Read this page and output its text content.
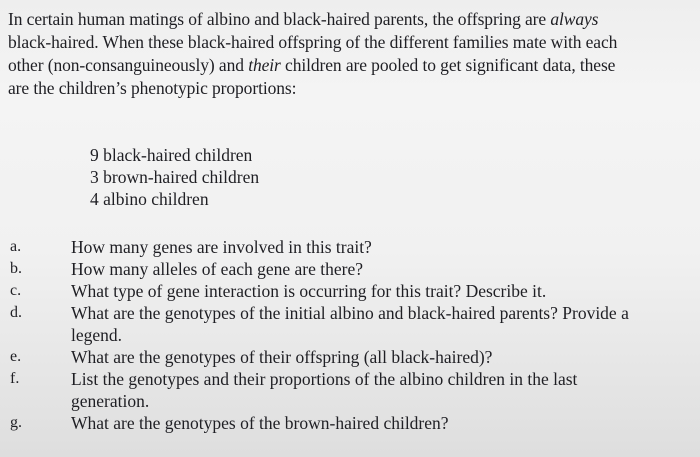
In certain human matings of albino and black-haired parents, the offspring are always
black-haired. When these black-haired offspring of the different families mate with each
other (non-consanguineously) and their children are pooled to get significant data, these
are the children’s phenotypic proportions:
9 black-haired children
3 brown-haired children
4 albino children
a.	How many genes are involved in this trait?
b.	How many alleles of each gene are there?
c.	What type of gene interaction is occurring for this trait? Describe it.
d.	What are the genotypes of the initial albino and black-haired parents? Provide a
legend.
e.	What are the genotypes of their offspring (all black-haired)?
f.	List the genotypes and their proportions of the albino children in the last
generation.
g.	What are the genotypes of the brown-haired children?
